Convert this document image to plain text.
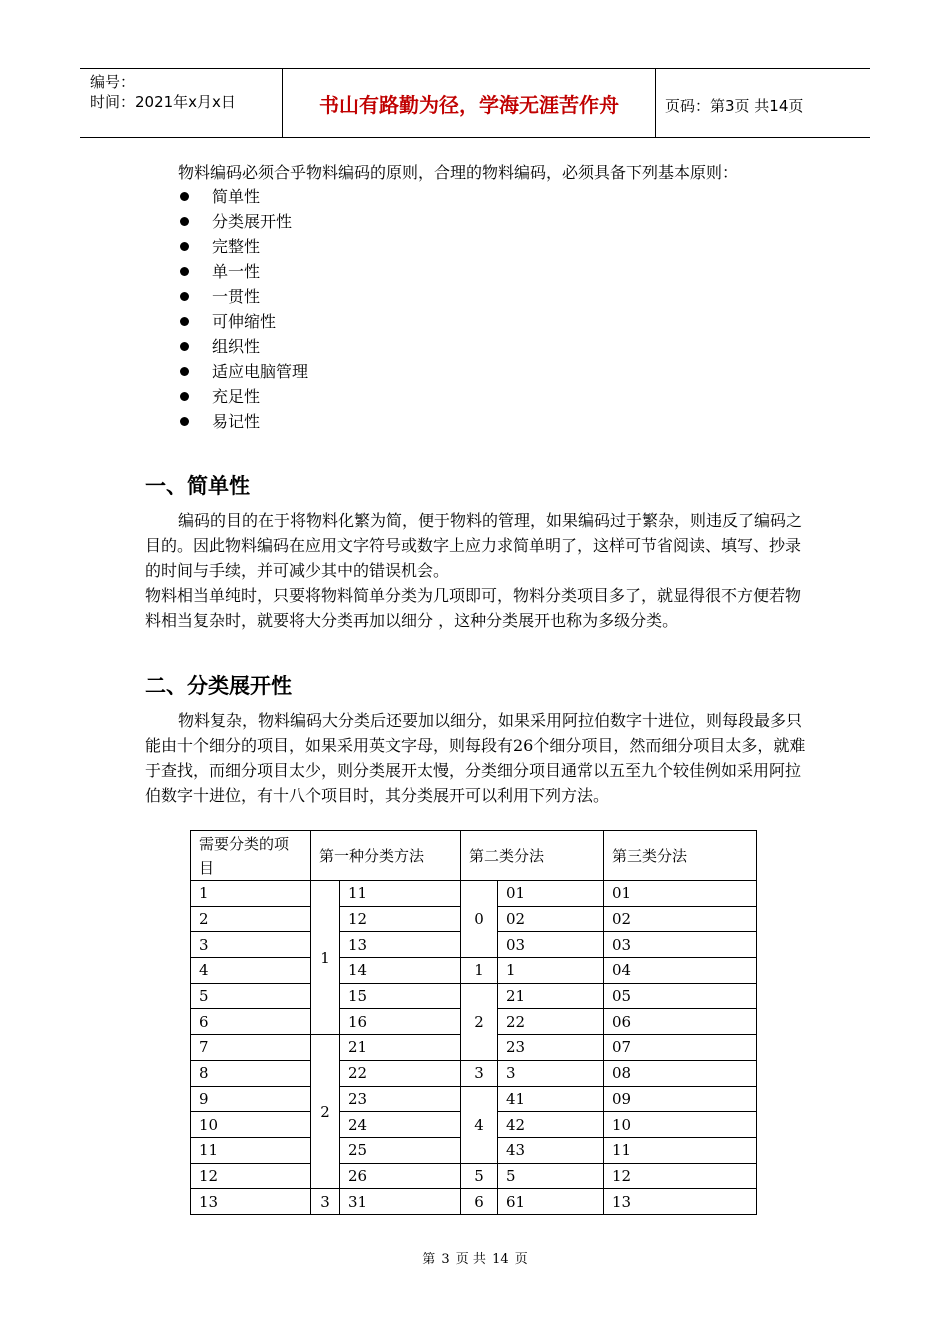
编号：
时间：2021年x月x日	书山有路勤为径，学海无涯苦作舟	页码：第3页 共14页
物料编码必须合乎物料编码的原则，合理的物料编码，必须具备下列基本原则：
简单性
分类展开性
完整性
单一性
一贯性
可伸缩性
组织性
适应电脑管理
充足性
易记性
一、简单性
编码的目的在于将物料化繁为简，便于物料的管理，如果编码过于繁杂，则违反了编码之目的。因此物料编码在应用文字符号或数字上应力求简单明了，这样可节省阅读、填写、抄录的时间与手续，并可减少其中的错误机会。
物料相当单纯时，只要将物料简单分类为几项即可，物料分类项目多了，就显得很不方便若物料相当复杂时，就要将大分类再加以细分 ，这种分类展开也称为多级分类。
二、分类展开性
物料复杂，物料编码大分类后还要加以细分，如果采用阿拉伯数字十进位，则每段最多只能由十个细分的项目，如果采用英文字母，则每段有26个细分项目，然而细分项目太多，就难于查找，而细分项目太少，则分类展开太慢，分类细分项目通常以五至九个较佳例如采用阿拉伯数字十进位，有十八个项目时，其分类展开可以利用下列方法。
需要分类的项目	第一种分类方法		第二类分法		第三类分法
1	1	11	0	01	01
2		12		02	02
3		13		03	03
4		14	1	1	04
5		15	2	21	05
6		16		22	06
7	2	21		23	07
8		22	3	3	08
9		23	4	41	09
10		24		42	10
11		25		43	11
12		26	5	5	12
13	3	31	6	61	13
第 3 页 共 14 页
